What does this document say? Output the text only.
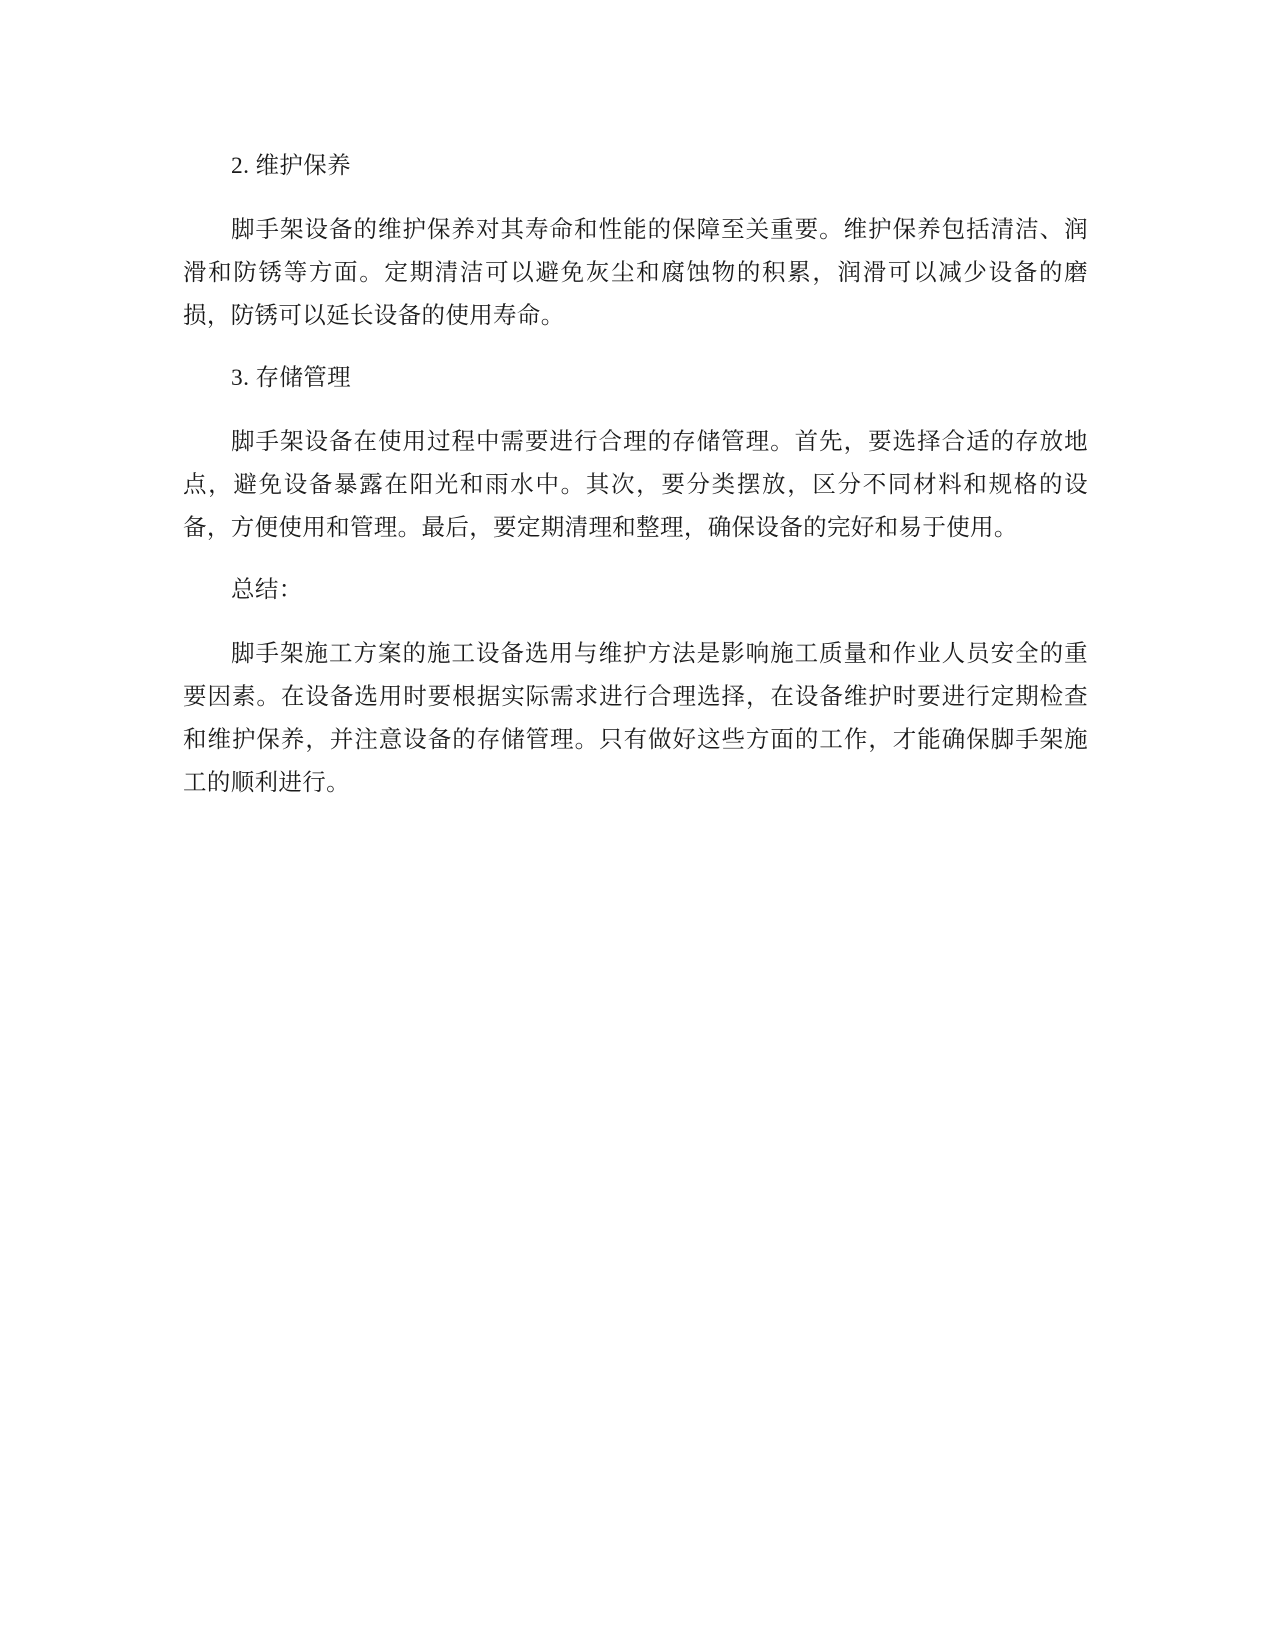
2. 维护保养

脚手架设备的维护保养对其寿命和性能的保障至关重要。维护保养包括清洁、润滑和防锈等方面。定期清洁可以避免灰尘和腐蚀物的积累，润滑可以减少设备的磨损，防锈可以延长设备的使用寿命。

3. 存储管理

脚手架设备在使用过程中需要进行合理的存储管理。首先，要选择合适的存放地点，避免设备暴露在阳光和雨水中。其次，要分类摆放，区分不同材料和规格的设备，方便使用和管理。最后，要定期清理和整理，确保设备的完好和易于使用。

总结：

脚手架施工方案的施工设备选用与维护方法是影响施工质量和作业人员安全的重要因素。在设备选用时要根据实际需求进行合理选择，在设备维护时要进行定期检查和维护保养，并注意设备的存储管理。只有做好这些方面的工作，才能确保脚手架施工的顺利进行。
